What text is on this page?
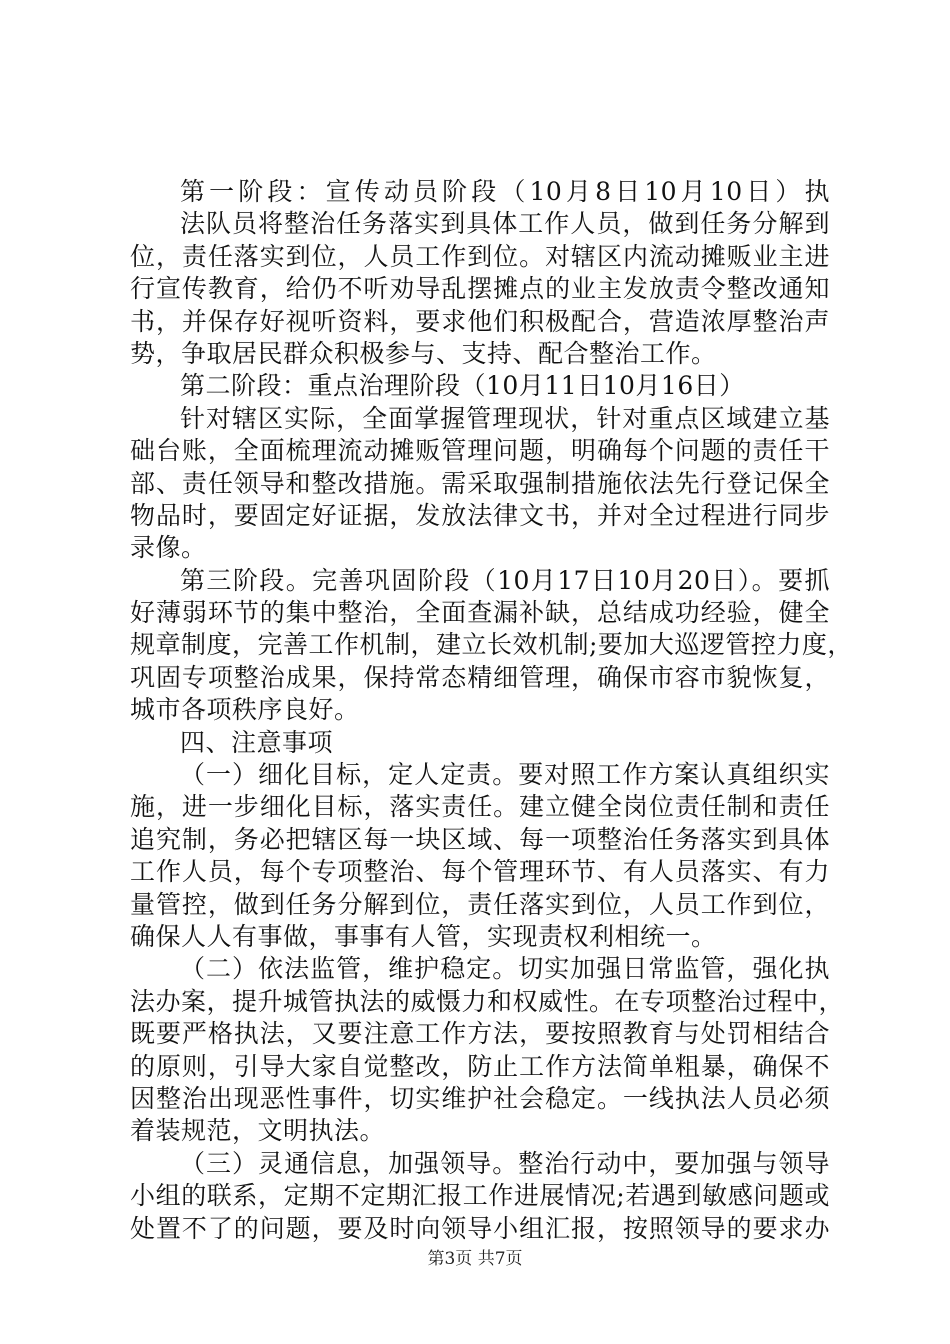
第一阶段：宣传动员阶段（10月8日10月10日）执
法队员将整治任务落实到具体工作人员，做到任务分解到
位，责任落实到位，人员工作到位。对辖区内流动摊贩业主进
行宣传教育，给仍不听劝导乱摆摊点的业主发放责令整改通知
书，并保存好视听资料，要求他们积极配合，营造浓厚整治声
势，争取居民群众积极参与、支持、配合整治工作。
第二阶段：重点治理阶段（10月11日10月16日）
针对辖区实际，全面掌握管理现状，针对重点区域建立基
础台账，全面梳理流动摊贩管理问题，明确每个问题的责任干
部、责任领导和整改措施。需采取强制措施依法先行登记保全
物品时，要固定好证据，发放法律文书，并对全过程进行同步
录像。
第三阶段。完善巩固阶段（10月17日10月20日）。要抓
好薄弱环节的集中整治，全面查漏补缺，总结成功经验，健全
规章制度，完善工作机制，建立长效机制;要加大巡逻管控力度，
巩固专项整治成果，保持常态精细管理，确保市容市貌恢复，
城市各项秩序良好。
四、注意事项
（一）细化目标，定人定责。要对照工作方案认真组织实
施，进一步细化目标，落实责任。建立健全岗位责任制和责任
追究制，务必把辖区每一块区域、每一项整治任务落实到具体
工作人员，每个专项整治、每个管理环节、有人员落实、有力
量管控，做到任务分解到位，责任落实到位，人员工作到位，
确保人人有事做，事事有人管，实现责权利相统一。
（二）依法监管，维护稳定。切实加强日常监管，强化执
法办案，提升城管执法的威慑力和权威性。在专项整治过程中，
既要严格执法，又要注意工作方法，要按照教育与处罚相结合
的原则，引导大家自觉整改，防止工作方法简单粗暴，确保不
因整治出现恶性事件，切实维护社会稳定。一线执法人员必须
着装规范，文明执法。
（三）灵通信息，加强领导。整治行动中，要加强与领导
小组的联系，定期不定期汇报工作进展情况;若遇到敏感问题或
处置不了的问题，要及时向领导小组汇报，按照领导的要求办
第3页 共7页
